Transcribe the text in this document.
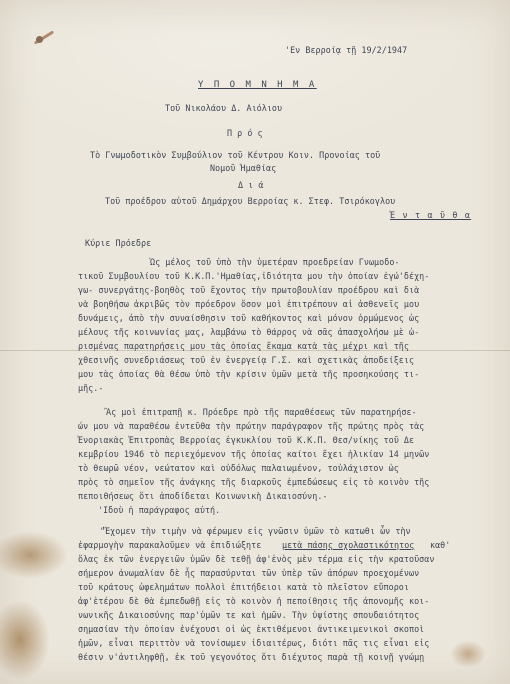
'Εν Βερροίᾳ τῇ 19/2/1947
Υ Π Ο Μ Ν Η Μ Α
Τοῦ Νικολάου Δ. Αιόλιου
Π ρ ό ς
Τὸ Γνωμοδοτικὸν Συμβούλιον τοῦ Κέντρου Κοιν. Προνοίας τοῦ
Νομοῦ Ἡμαθίας
Δ ι ά
Τοῦ προέδρου αὐτοῦ Δημάρχου Βερροίας κ. Στεφ. Τσιρόκογλου
Ἐ ν τ α ῦ θ α
Κύριε Πρόεδρε
Ὡς μέλος τοῦ ὑπὸ τὴν ὑμετέραν προεδρείαν Γνωμοδο-
τικοῦ Συμβουλίου τοῦ Κ.Κ.Π.'Ημαθίας,ἰδιότητα μου τὴν ὁποίαν ἐγώ'δέχη-
γω- συνεργάτης-βοηθὸς τοῦ ἔχοντος τὴν πρωτοβουλίαν προέδρου καὶ διὰ
νὰ βοηθήσω ἀκριβῶς τὸν πρόεδρον ὅσον μοὶ ἐπιτρέπουν αἱ ἀσθενεῖς μου
δυνάμεις, ἀπὸ τὴν συναίσθησιν τοῦ καθήκοντος καὶ μόνον ὁρμώμενος ὡς
μέλους τῆς κοινωνίας μας, λαμβάνω τὸ θάρρος νὰ σᾶς ἀπασχολήσω μὲ ὡ-
ρισμένας παρατηρήσεις μου τὰς ὁποίας ἔκαμα κατὰ τὰς μέχρι καὶ τῆς
χθεσινῆς συνεδριάσεως τοῦ ἐν ἐνεργείᾳ Γ.Σ. καὶ σχετικὰς ἀποδείξεις
μου τὰς ὁποίας θὰ θέσω ὑπὸ τὴν κρίσιν ὑμῶν μετὰ τῆς προσηκούσης τι-
μῆς.-
Ἂς μοὶ ἐπιτραπῇ κ. Πρόεδρε πρὸ τῆς παραθέσεως τῶν παρατηρήσε-
ών μου νὰ παραθέσω ἐντεῦθα τὴν πρώτην παράγραφον τῆς πρώτης πρὸς τὰς
Ἐνοριακὰς Ἐπιτροπὰς Βερροίας ἐγκυκλίου τοῦ Κ.Κ.Π. Θεσ/νίκης τοῦ Δε
κεμβρίου 1946 τὸ περιεχόμενον τῆς ὁποίας καίτοι ἔχει ἡλικίαν 14 μηνῶν
τὸ θεωρῶ νέον, νεώτατον καὶ οὐδόλως παλαιωμένον, τοὐλάχιστον ὡς
πρὸς τὸ σημεῖον τῆς ἀνάγκης τῆς διαρκοῦς ἐμπεδώσεως εἰς τὸ κοινὸν τῆς
πεποιθήσεως ὅτι ἀποδίδεται Κοινωνικὴ Δικαιοσύνη.-
'Ιδοὺ ἡ παράγραφος αὐτή.
"Ἔχομεν τὴν τιμὴν νὰ φέρωμεν εἰς γνῶσιν ὑμῶν τὸ κατωθι ὧν τὴν
ἐφαρμογὴν παρακαλοῦμεν νὰ ἐπιδιώξητε μετὰ πάσης σχολαστικότητος καθ'
ὅλας ἐκ τῶν ἐνεργειῶν ὑμῶν δὲ τεθῇ ἀφ'ἑνὸς μὲν τέρμα εἰς τὴν κρατοῦσαν
σήμερον ἀνωμαλίαν δὲ ἧς παρασύρνται τῶν ὑπὲρ τῶν ἀπόρων προεχομένων
τοῦ κράτους ὠφελημάτων πολλοὶ ἐπιτήδειοι κατὰ τὸ πλεῖστον εὔποροι
ἀφ'ἑτέρου δὲ θὰ ἐμπεδωθῇ εἰς τὸ κοινὸν ἡ πεποίθησις τῆς ἀπονομῆς κοι-
νωνικῆς Δικαιοσύνης παρ'ὑμῶν τε καὶ ἡμῶν. Τὴν ὑψίστης σπουδαιότητος
σημασίαν τὴν ὁποίαν ἐνέχουσι οἱ ὡς ἐκτιθέμενοι ἀντικειμενικοὶ σκοποὶ
ἡμῶν, εἶναι περιττὸν νὰ τονίσωμεν ἰδιαιτέρως, διότι πᾶς τις εἶναι εἰς
θέσιν ν'ἀντιληφθῇ, ἐκ τοῦ γεγονότος ὅτι διέχυτος παρὰ τῇ κοινῇ γνώμῃ
